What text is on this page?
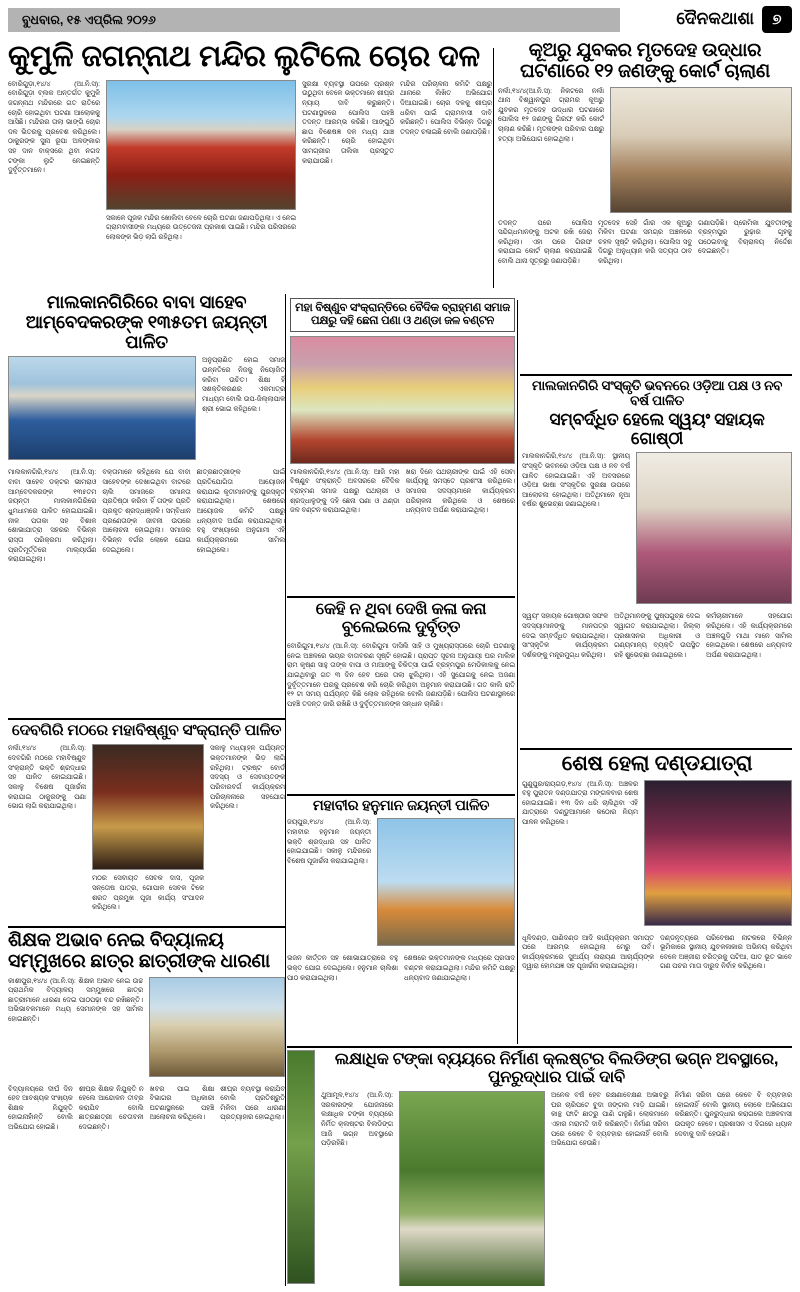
ବୁଧବାର, ୧୫ ଏପ୍ରିଲ ୨୦୨୬	ଦୈନକଥାଶା ୭
କୁମୁଳି ଜଗନ୍ନାଥ ମନ୍ଦିର ଲୁଟିଲେ ଚୋର ଦଳ
ବୋରିଗୁଡ଼ା,୧୪/୪ (ଆ.ନି.ସ): ବୋରିଗୁଡ଼ା ବ୍ଲକ ଅନ୍ତର୍ଗତ କୁମୁଳି ଜଗନ୍ନାଥ ମନ୍ଦିରରେ ଗତ ରାତିରେ ଚୋରି ହୋଇଥିବା ଘଟଣା ଆଲୋକକୁ ଆସିଛି। ମନ୍ଦିରର ତାଲା ଭାଙ୍ଗି ଚୋର ଦଳ ଭିତରକୁ ପ୍ରବେଶ କରିଥିଲେ। ଠାକୁରଙ୍କ ସୁନା ରୂପା ଅଳଙ୍କାର ସହ ଦାନ ବାକ୍ସରେ ଥିବା ନଗଦ ଟଙ୍କା ଲୁଟି ନେଇଛନ୍ତି ଦୁର୍ବୃତ୍ତମାନେ।
ସକାଳେ ପୂଜକ ମନ୍ଦିର ଖୋଲିବା ବେଳେ ଚୋରି ଘଟଣା ଜଣାପଡ଼ିଥିଲା। ଏ ନେଇ ଗ୍ରାମବାସୀଙ୍କ ମଧ୍ୟରେ ଉତ୍ତେଜନା ପ୍ରକାଶ ପାଇଛି। ମନ୍ଦିର ପରିସରରେ ଲୋକଙ୍କ ଭିଡ଼ ଲାଗି ରହିଥିଲା।
ସୁରକ୍ଷା ବ୍ୟବସ୍ଥା ଉପରେ ପ୍ରଶ୍ନ ଉଠୁଥିବା ବେଳେ ଭକ୍ତମାନେ ଶୀଘ୍ର ନ୍ୟାୟ ଦାବି କରୁଛନ୍ତି। ଘଟଣାସ୍ଥଳରେ ପୋଲିସ ପହଞ୍ଚି ତଦନ୍ତ ଆରମ୍ଭ କରିଛି। ଆଙ୍ଗୁଠି ଛାପ ବିଶେଷଜ୍ଞ ଦଳ ମଧ୍ୟ ଯାଞ୍ଚ କରିଛନ୍ତି। ଚୋରି ହୋଇଥିବା ସାମଗ୍ରୀର ତାଲିକା ପ୍ରସ୍ତୁତ କରାଯାଉଛି।
ମନ୍ଦିର ପରିଚାଳନା କମିଟି ପକ୍ଷରୁ ଥାନାରେ ଲିଖିତ ଅଭିଯୋଗ ଦିଆଯାଇଛି। ଚୋର ଦଳକୁ ଶୀଘ୍ର ଧରିବା ପାଇଁ ଗ୍ରାମବାସୀ ଦାବି କରିଛନ୍ତି। ପୋଲିସ ବିଭିନ୍ନ ଦିଗରୁ ତଦନ୍ତ ଚଳାଇଛି ବୋଲି ଜଣାପଡ଼ିଛି।
କୂଅରୁ ଯୁବକର ମୃତଦେହ ଉଦ୍ଧାର ଘଟଣାରେ ୧୨ ଜଣଙ୍କୁ କୋର୍ଟ ଚାଲାଣ
ନର୍ଲା,୧୪/୪(ଆ.ନି.ସ): ନିକଟରେ ନର୍ଲା ଥାନା ବିଶ୍ୱାନପୁର ଗ୍ରାମର କୂଅରୁ ଯୁବକର ମୃତଦେହ ଉଦ୍ଧାର ଘଟଣାରେ ପୋଲିସ ୧୨ ଜଣଙ୍କୁ ଗିରଫ କରି କୋର୍ଟ ଚାଲାଣ କରିଛି। ମୃତକଙ୍କ ପରିବାର ପକ୍ଷରୁ ହତ୍ୟା ଅଭିଯୋଗ ହୋଇଥିଲା।
ତଦନ୍ତ ପରେ ପୋଲିସ ସନ୍ଦିଗ୍ଧମାନଙ୍କୁ ଅଟକ ରଖି ଜେରା କରିଥିଲା। ଏହା ପରେ ଗିରଫ କରାଯାଇ କୋର୍ଟ ଚାଲାଣ କରାଯାଇଛି ବୋଲି ଥାନା ସୂତ୍ରରୁ ଜଣାପଡ଼ିଛି।
ମୃତଦେହ ସେହି ଗାଁର ଏକ କୂଅରୁ ମିଳିବା ଘଟଣା ସମଗ୍ର ଅଞ୍ଚଳରେ ଚହଳ ସୃଷ୍ଟି କରିଥିଲା। ପୋଲିସ ସବୁ ଦିଗରୁ ଅନୁଧ୍ୟାନ କରି ସତ୍ୟତା ଠାବ କରିଥିଲା।
ଗଣାପଡ଼ିଛି। ପ୍ରେମିକା ଯୁବତୀଙ୍କୁ ବ୍ରହ୍ମପୁର ରୁଢ଼ାର ଗୃହକୁ ପଠେଇବାକୁ ବିଚାରାଳୟ ନିର୍ଦ୍ଦେଶ ଦେଇଛନ୍ତି।
ମାଲକାନଗିରିରେ ବାବା ସାହେବ ଆମ୍ବେଦକରଙ୍କ ୧୩୫ତମ ଜୟନ୍ତୀ ପାଳିତ
ଅନୁପ୍ରାଣିତ ହୋଇ ସମାଜ ଉନ୍ନତିରେ ନିଜକୁ ନିୟୋଜିତ କରିବା ଉଚିତ। ଶିକ୍ଷା ହିଁ ସଶକ୍ତିକରଣର ଏକମାତ୍ର ମାଧ୍ୟମ ବୋଲି ଉପ-ଜିଲ୍ଲାପାଳ ଶ୍ରୀ ଭୋଇ କହିଥିଲେ।
ମାଲକାନଗିରି,୧୪/୪ (ଆ.ନି.ସ): ବାବା ସାହେବ ଡକ୍ଟର ଭୀମରାଓ ଆମ୍ବେଦକରଙ୍କ ୧୩୫ତମ ଜୟନ୍ତୀ ମାଲକାନଗିରିରେ ଧୁମଧାମରେ ପାଳିତ ହୋଇଯାଇଛି। ନୀଳ ପତାକା ସହ ବିଶାଳ ଶୋଭାଯାତ୍ରା ସହରର ବିଭିନ୍ନ ରାସ୍ତା ପରିକ୍ରମା କରିଥିଲା। ପ୍ରତିମୂର୍ତ୍ତିରେ ମାଲ୍ୟାର୍ପଣ କରାଯାଇଥିଲା।
ବକ୍ତାମାନେ କହିଥିଲେ ଯେ ବାବା ସାହେବଙ୍କ ଦେଖାଇଥିବା ବାଟରେ ଚାଲି ସମାଜରେ ସମାନତା ପ୍ରତିଷ୍ଠା କରିବା ହିଁ ତାଙ୍କ ପ୍ରତି ପ୍ରକୃତ ଶ୍ରଦ୍ଧାଞ୍ଜଳି। ସମ୍ବିଧାନ ପ୍ରଣେତାଙ୍କ ଜୀବନୀ ଉପରେ ଆଲୋଚନା ହୋଇଥିଲା। ସମାଜର ବିଭିନ୍ନ ବର୍ଗର ଲୋକେ ଯୋଗ ଦେଇଥିଲେ।
ଛାତ୍ରଛାତ୍ରୀଙ୍କ ପାଇଁ ପ୍ରତିଯୋଗିତା ଆୟୋଜନ କରାଯାଇ କୃତୀମାନଙ୍କୁ ପୁରସ୍କୃତ କରାଯାଇଥିଲା। ଶେଷରେ ଆୟୋଜକ କମିଟି ପକ୍ଷରୁ ଧନ୍ୟବାଦ ଅର୍ପଣ କରାଯାଇଥିଲା। ବହୁ ସଂଖ୍ୟାରେ ଅନୁଗାମୀ ଏହି କାର୍ଯ୍ୟକ୍ରମରେ ସାମିଲ ହୋଇଥିଲେ।
ମହା ବିଷ୍ଣୁବ ସଂକ୍ରାନ୍ତିରେ ବୈଦିକ ବ୍ରାହ୍ମଣ ସମାଜ ପକ୍ଷରୁ ଦହି ଛେନା ପଣା ଓ ଥଣ୍ଡା ଜଳ ବଣ୍ଟନ
ମାଲକାନଗିରି,୧୪/୪ (ଆ.ନି.ସ): ଆଜି ମହା ବିଷ୍ଣୁବ ସଂକ୍ରାନ୍ତି ଅବସରରେ ବୈଦିକ ବ୍ରାହ୍ମଣ ସମାଜ ପକ୍ଷରୁ ପଥଚାରୀ ଓ ଶ୍ରଦ୍ଧାଳୁଙ୍କୁ ଦହି ଛେନା ପଣା ଓ ଥଣ୍ଡା ଜଳ ବଣ୍ଟନ କରାଯାଇଥିଲା।
ଖରା ଦିନେ ପଥଚାରୀଙ୍କ ପାଇଁ ଏହି ସେବା କାର୍ଯ୍ୟକୁ ସମସ୍ତେ ପ୍ରଶଂସା କରିଥିଲେ। ସମାଜର ସଦସ୍ୟମାନେ କାର୍ଯ୍ୟକ୍ରମ ପରିଚାଳନା କରିଥିଲେ ଓ ଶେଷରେ ଧନ୍ୟବାଦ ଅର୍ପଣ କରାଯାଇଥିଲା।
ମାଲକାନଗିରି ସଂସ୍କୃତି ଭବନରେ ଓଡ଼ିଆ ପକ୍ଷ ଓ ନବ ବର୍ଷ ପାଳିତ
ସମ୍ବର୍ଦ୍ଧିତ ହେଲେ ସ୍ୱୟଂ ସହାୟକ ଗୋଷ୍ଠୀ
ମାଲକାନଗିରି,୧୪/୪ (ଆ.ନି.ସ): ସ୍ଥାନୀୟ ସଂସ୍କୃତି ଭବନରେ ଓଡ଼ିଆ ପକ୍ଷ ଓ ନବ ବର୍ଷ ପାଳିତ ହୋଇଯାଇଛି। ଏହି ଅବସରରେ ଓଡ଼ିଆ ଭାଷା ସଂସ୍କୃତିର ସୁରକ୍ଷା ଉପରେ ଆଲୋଚନା ହୋଇଥିଲା। ଅତିଥିମାନେ ନୂଆ ବର୍ଷର ଶୁଭେଚ୍ଛା ଜଣାଇଥିଲେ।
ସ୍ୱୟଂ ସହାୟକ ଗୋଷ୍ଠୀର ସଫଳ ସଦସ୍ୟାମାନଙ୍କୁ ମାନପତ୍ର ଦେଇ ସମ୍ବର୍ଦ୍ଧିତ କରାଯାଇଥିଲା। ସାଂସ୍କୃତିକ କାର୍ଯ୍ୟକ୍ରମ ଦର୍ଶକଙ୍କୁ ମନ୍ତ୍ରମୁଗ୍ଧ କରିଥିଲା।
ଅତିଥିମାନଙ୍କୁ ପୁଷ୍ପଗୁଚ୍ଛ ଦେଇ ସ୍ୱାଗତ କରାଯାଇଥିଲା। ଜିଲ୍ଲା ପ୍ରଶାସନର ଅଧିକାରୀ ଓ ଗଣ୍ୟମାନ୍ୟ ବ୍ୟକ୍ତି ଉପସ୍ଥିତ ରହି ଶୁଭେଚ୍ଛା ଜଣାଇଥିଲେ।
କର୍ମଚାରୀମାନେ ସହଯୋଗ କରିଥିଲେ। ଏହି କାର୍ଯ୍ୟକ୍ରମରେ ଅଞ୍ଚଳଗୁଡ଼ି ମାଥା ମାନେ ସାମିଲ ହୋଇଥିଲେ। ଶେଷରେ ଧନ୍ୟବାଦ ଅର୍ପଣ କରାଯାଇଥିଲା।
କେହି ନ ଥିବା ଦେଖି କଳା କନା ବୁଲେଇଲେ ଦୁର୍ବୃତ୍ତ
ବୋରିଗୁମା,୧୪/୪ (ଆ.ନି.ସ): ବୋରିଗୁମା ଦାସିଲି ସାହି ଓ ମୁଖ୍ୟରାସ୍ତାରେ ଚୋରି ଘଟଣାକୁ ନେଇ ଅଞ୍ଚଳରେ ଭୟର ବାତାବରଣ ସୃଷ୍ଟି ହୋଇଛି। ପ୍ରାପ୍ତ ସୂଚନା ଅନୁଯାୟୀ ଘର ମାଲିକ ରାମ କୃଷ୍ଣ ସାହୁ ତାଙ୍କ ବାପା ଓ ମାଆଙ୍କୁ ଚିକିତ୍ସା ପାଇଁ ବ୍ରହ୍ମପୁର ମେଡିକାଲକୁ ନେଇ ଯାଇଥିବାରୁ ଗତ ୩ ଦିନ ହେବ ଘରେ ତାଲା ଝୁଲିଥିଲା। ଏହି ସୁଯୋଗକୁ ନେଇ ଅଜଣା ଦୁର୍ବୃତ୍ତମାନେ ଘରକୁ ପ୍ରବେଶ କରି ଚୋରି କରିଥିବା ଅନୁମାନ କରାଯାଉଛି। ଗତ କାଲି ରାତି ୧୨ ଟା ସମୟ ପର୍ଯ୍ୟନ୍ତ କିଛି ଲୋକ ରହିଥିଲେ ବୋଲି ଜଣାପଡ଼ିଛି। ପୋଲିସ ଘଟଣାସ୍ଥଳରେ ପହଞ୍ଚି ତଦନ୍ତ ଜାରି ରଖିଛି ଓ ଦୁର୍ବୃତ୍ତମାନଙ୍କ ସନ୍ଧାନ ଚାଲିଛି।
ଦେବଗିରି ମଠରେ ମହାବିଷ୍ଣୁବ ସଂକ୍ରାନ୍ତି ପାଳିତ
ନର୍ଲା,୧୪/୪ (ଆ.ନି.ସ): ଦେବଗିରି ମଠରେ ମହାବିଷ୍ଣୁବ ସଂକ୍ରାନ୍ତି ଭକ୍ତି ଶ୍ରଦ୍ଧାର ସହ ପାଳିତ ହୋଇଯାଇଛି। ସକାଳୁ ବିଶେଷ ପୂଜାର୍ଚ୍ଚନା କରାଯାଇ ଠାକୁରଙ୍କୁ ପଣା ଭୋଗ ଲାଗି କରାଯାଇଥିଲା।
ମଠର ସେବାୟତ ସେବକ ଦାସ, ପୂଜକ ସନ୍ତୋଷ ପାତ୍ର, ଗୋପାଳ ସେବକ ଟିକେ ଶରତ ପ୍ରମୁଖ ପୂଜା କାର୍ଯ୍ୟ ସଂପାଦନ କରିଥିଲେ।
ସକାଳୁ ମଧ୍ୟାହ୍ନ ପର୍ଯ୍ୟନ୍ତ ଭକ୍ତମାନଙ୍କ ଭିଡ଼ ଲାଗି ରହିଥିଲା। ଟ୍ରଷ୍ଟ ବୋର୍ଡ ସଦସ୍ୟ ଓ ସେବାୟତଙ୍କ ପରିବାରବର୍ଗ କାର୍ଯ୍ୟକ୍ରମ ପରିଚାଳନାରେ ସହଯୋଗ କରିଥିଲେ।	ମହାବୀର ହନୁମାନ ଜୟନ୍ତୀ ପାଳିତ
ଜୟପୁର,୧୪/୪ (ଆ.ନି.ସ): ମହାବୀର ହନୁମାନ ଜୟନ୍ତୀ ଭକ୍ତି ଶ୍ରଦ୍ଧାର ସହ ପାଳିତ ହୋଇଯାଇଛି। ସକାଳୁ ମନ୍ଦିରରେ ବିଶେଷ ପୂଜାର୍ଚ୍ଚନା କରାଯାଇଥିଲା।
ଭଜନ କୀର୍ତ୍ତନ ସହ ଶୋଭାଯାତ୍ରାରେ ବହୁ ଭକ୍ତ ଯୋଗ ଦେଇଥିଲେ। ହନୁମାନ ଚାଲିଶା ପାଠ କରାଯାଇଥିଲା।
ଶେଷରେ ଭକ୍ତମାନଙ୍କ ମଧ୍ୟରେ ପ୍ରସାଦ ବଣ୍ଟନ କରାଯାଇଥିଲା। ମନ୍ଦିର କମିଟି ପକ୍ଷରୁ ଧନ୍ୟବାଦ ଜଣାଯାଇଥିଲା।
ଶେଷ ହେଲା ଦଣ୍ଡଯାତ୍ରା
ଗୁଣୁପୁର/ରାୟଗଡ଼,୧୪/୪ (ଆ.ନି.ସ): ଅଞ୍ଚଳର ବହୁ ପୁରାତନ ଦଣ୍ଡଯାତ୍ରା ମଙ୍ଗଳବାର ଶେଷ ହୋଇଯାଇଛି। ୧୩ ଦିନ ଧରି ଚାଲିଥିବା ଏହି ଯାତ୍ରାରେ ଦଣ୍ଡୁଆମାନେ କଠୋର ନିୟମ ପାଳନ କରିଥିଲେ।
ଧୂଳିଦଣ୍ଡ, ପାଣିଦଣ୍ଡ ଆଦି କାର୍ଯ୍ୟକ୍ରମ ସମାପ୍ତ ପରେ ଆରମ୍ଭ ହୋଇଥିଲା ମେରୁ ପର୍ବ। କାର୍ଯ୍ୟକ୍ରମରେ ସୁଅର୍ଯ୍ୟ ନାରାୟଣ ଆଚାର୍ଯ୍ୟଙ୍କ ଦ୍ୱାରା ହୋମଯଜ୍ଞ ସହ ପୂଜାର୍ଚ୍ଚନା କରାଯାଇଥିଲା।
ଦଣ୍ଡନୃତ୍ୟରେ ପରିବେଷଣ ନାଟକରେ ବିଭିନ୍ନ ଭୂମିକାରେ ସ୍ଥାନୀୟ ଯୁବକଳାକାର ଅଭିନୟ କରିଥିବା ବେଳେ ଅଞ୍ଜୀରା ଚରିତ୍ରକୁ ପଟିଆ, ପାତ ଭୂତ ଭାବେ ଗଣ ପଚର ମାତା ଦାରୁଦ ନିର୍ବାହ କରିଥିଲେ।
ଶିକ୍ଷକ ଅଭାବ ନେଇ ବିଦ୍ୟାଳୟ ସମ୍ମୁଖରେ ଛାତ୍ର ଛାତ୍ରୀଙ୍କ ଧାରଣା
କାଶୀପୁର,୧୪/୪ (ଆ.ନି.ସ): ଶିକ୍ଷକ ଅଭାବ ନେଇ ଉଚ୍ଚ ପ୍ରାଥମିକ ବିଦ୍ୟାଳୟ ସମ୍ମୁଖରେ ଛାତ୍ର ଛାତ୍ରୀମାନେ ଧାରଣା ଦେଇ ପାଠପଢ଼ା ବନ୍ଦ ରଖିଛନ୍ତି। ଅଭିଭାବକମାନେ ମଧ୍ୟ ସେମାନଙ୍କ ସହ ସାମିଲ ହୋଇଛନ୍ତି।
ବିଦ୍ୟାଳୟରେ ଦୀର୍ଘ ଦିନ ହେବ ଆବଶ୍ୟକ ସଂଖ୍ୟକ ଶିକ୍ଷକ ନିଯୁକ୍ତି ହୋଇନାହାଁନ୍ତି ବୋଲି ଅଭିଯୋଗ ହୋଇଛି।
ଶୀଘ୍ର ଶିକ୍ଷକ ନିଯୁକ୍ତି ନ ହେଲେ ଆନ୍ଦୋଳନ ତୀବ୍ର କରାଯିବ ବୋଲି ଛାତ୍ରଛାତ୍ରୀ ଚେତାବନୀ ଦେଇଛନ୍ତି।
ଖବର ପାଇ ଶିକ୍ଷା ବିଭାଗର ଅଧିକାରୀ ଘଟଣାସ୍ଥଳରେ ପହଞ୍ଚି ଆଲୋଚନା କରିଥିଲେ।
ଶୀଘ୍ର ବ୍ୟବସ୍ଥା କରାଯିବ ବୋଲି ପ୍ରତିଶ୍ରୁତି ମିଳିବା ପରେ ଧାରଣା ପ୍ରତ୍ୟାହାର ହୋଇଥିଲା।
ଲକ୍ଷାଧିକ ଟଙ୍କା ବ୍ୟୟରେ ନିର୍ମାଣ କ୍ଲଷ୍ଟର ବିଲଡିଙ୍ଗ ଭଗ୍ନ ଅବସ୍ଥାରେ, ପୁନରୁଦ୍ଧାର ପାଇଁ ଦାବି
ଥୁଆମୂଳ,୧୪/୪ (ଆ.ନି.ସ): ସରକାରଙ୍କ ଯୋଜନାରେ ଲକ୍ଷାଧିକ ଟଙ୍କା ବ୍ୟୟରେ ନିର୍ମିତ କ୍ଲଷ୍ଟର ବିଲଡିଙ୍ଗ ଆଜି ଭଗ୍ନ ଅବସ୍ଥାରେ ପଡ଼ିରହିଛି।
ଅନେକ ବର୍ଷ ହେବ ରକ୍ଷଣାବେକ୍ଷଣ ଅଭାବରୁ ଘର ଚାରିପଟେ ବୁଦା ଜଙ୍ଗଲ ମାଡ଼ି ଯାଇଛି। କାନ୍ଥ ଫାଟି ଛାତରୁ ପାଣି ଗଳୁଛି। ଲୋକମାନେ ଏହାର ମରାମତି ଦାବି କରିଛନ୍ତି। ନିର୍ମାଣ ସରିବା ପରେ କେବେ ବି ବ୍ୟବହାର ହୋଇନାହିଁ ବୋଲି ଅଭିଯୋଗ ହେଉଛି।
ନିର୍ମାଣ ସରିବା ପରେ କେବେ ବି ବ୍ୟବହାର ହୋଇନାହିଁ ବୋଲି ସ୍ଥାନୀୟ ଲୋକେ ଅଭିଯୋଗ କରିଛନ୍ତି। ପୁନରୁଦ୍ଧାର କରାଗଲେ ଅଞ୍ଚଳବାସୀ ଉପକୃତ ହେବେ। ପ୍ରଶାସନ ଏ ଦିଗରେ ଧ୍ୟାନ ଦେବାକୁ ଦାବି ହେଉଛି।
